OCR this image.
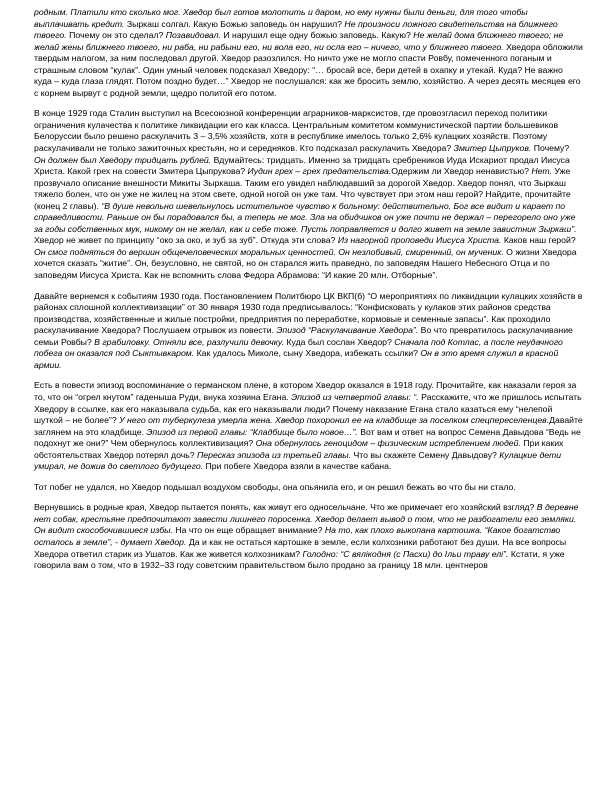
родным. Платили кто сколько мог. Хведор был готов молотить и даром, но ему нужны были деньги, для того чтобы выплачивать кредит. Зыркаш солгал. Какую Божью заповедь он нарушил? Не произноси ложного свидетельства на ближнего твоего. Почему он это сделал? Позавидовал. И нарушил еще одну божью заповедь. Какую? Не желай дома ближнего твоего; не желай жены ближнего твоего, ни раба, ни рабыни его, ни вола его, ни осла его – ничего, что у ближнего твоего. Хведора обложили твердым налогом, за ним последовал другой. Хведор разозлился. Но ничто уже не могло спасти Ровбу, помеченного поганым и страшным словом “кулак”. Один умный человек подсказал Хведору: “… бросай все, бери детей в охапку и утекай. Куда? Не важно куда – куда глаза глядят. Потом поздно будет…” Хведор не послушался: как же бросить землю, хозяйство. А через десять месяцев его с корнем вырвут с родной земли, щедро политой его потом.

В конце 1929 года Сталин выступил на Всесоюзной конференции аграрников-марксистов, где провозгласил переход политики ограничения кулачества к политике ликвидации его как класса. Центральным комитетом коммунистической партии большевиков Белоруссии было решено раскулачить 3 – 3,5% хозяйств, хотя в республике имелось только 2,6% кулацких хозяйств. Поэтому раскулачивали не только зажиточных крестьян, но и середняков. Кто подсказал раскулачить Хведора? Змитер Цыпруков. Почему? Он должен был Хведору тридцать рублей. Вдумайтесь: тридцать. Именно за тридцать сребреников Иуда Искариот продал Иисуса Христа. Какой грех на совести Змитера Цыпрукова? Иудин грех – грех предательства.Одержим ли Хведор ненавистью? Нет. Уже прозвучало описание внешности Микиты Зыркаша. Таким его увидел наблюдавший за дорогой Хведор. Хведор понял, что Зыркаш тяжело болен, что он уже не жилец на этом свете, одной ногой он уже там. Что чувствует при этом наш герой? Найдите, прочитайте (конец 2 главы). “В душе невольно шевельнулось истительное чувство к больному: действительно, Бог все видит и карает по справедливости. Раньше он бы порадовался бы, а теперь не мог. Зла на обидчиков он уже почти не держал – перегорело оно уже за годы собственных мук, никому он не желал, как и себе тоже. Пусть поправляется и долго живет на земле завистник Зыркаш”. Хведор не живет по принципу “око за око, и зуб за зуб”. Откуда эти слова? Из нагорной проповеди Иисуса Христа. Каков наш герой? Он смог подняться до вершин общечеловеческих моральных ценностей. Он незлобивый, смиренный, он мученик. О жизни Хведора хочется сказать “житие”. Он, безусловно, не святой, но он старался жить праведно, по заповедям Нашего Небесного Отца и по заповедям Иисуса Христа. Как не вспомнить слова Федора Абрамова: “И какие 20 млн. Отборные”.

Давайте вернемся к событиям 1930 года. Постановлением Политбюро ЦК ВКП(б) “О мероприятиях по ликвидации кулацких хозяйств в районах сплошной коллективизации” от 30 января 1930 года предписывалось: “Конфисковать у кулаков этих районов средства производства, хозяйственные и жилые постройки, предприятия по переработке, кормовые и семенные запасы”. Как проходило раскулачивание Хведора? Послушаем отрывок из повести. Эпизод “Раскулачивание Хведора”. Во что превратилось раскулачивание семьи Ровбы? В грабиловку. Отняли все, разлучили девочку. Куда был сослан Хведор? Сначала под Котлас, а после неудачного побега он оказался под Сыктывкаром. Как удалось Миколе, сыну Хведора, избежать ссылки? Он в это время служил в красной армии.

Есть в повести эпизод воспоминание о германском плене, в котором Хведор оказался в 1918 году. Прочитайте, как наказали героя за то, что он “огрел кнутом” гаденыша Руди, внука хозяина Егана. Эпизод из четвертой главы: “. Расскажите, что же пришлось испытать Хведору в ссылке, как его наказывала судьба, как его наказывали люди? Почему наказание Егана стало казаться ему “нелепой шуткой – не более”? У него от туберкулеза умерла жена. Хведор похоронил ее на кладбище за поселком спецпереселенцев.Давайте заглянем на это кладбище. Эпизод из первой главы: “Кладбище было новое…”. Вот вам и ответ на вопрос Семена Давыдова “Ведь не подохнут же они?” Чем обернулось коллективизация? Она обернулось геноцидом – физическим истреблением людей. При каких обстоятельствах Хведор потерял дочь? Пересказ эпизода из третьей главы. Что вы скажете Семену Давыдову? Кулацкие дети умирал, не дожив до светлого будущего. При побеге Хведора взяли в качестве кабана.

Тот побег не удался, но Хведор подышал воздухом свободы, она опьянила его, и он решил бежать во что бы ни стало.

Вернувшись в родные края, Хведор пытается понять, как живут его односельчане. Что же примечает его хозяйский взгляд? В деревне нет собак, крестьяне предпочитают завести лишнего поросенка. Хведор делает вывод о том, что не разбогатели его земляки. Он видит скособочившиеся избы. На что он еще обращает внимание? На то, как плохо выкопана картошка. “Какое богатство осталось в земле”, - думает Хведор. Да и как не остаться картошке в земле, если колхозники работают без души. На все вопросы Хведора ответил старик из Ушатов. Как же живется колхозникам? Голодно: “С вялікодня (с Пасхи) до Ільи траву елі”. Кстати, я уже говорила вам о том, что в 1932–33 году советским правительством было продано за границу 18 млн. центнеров
